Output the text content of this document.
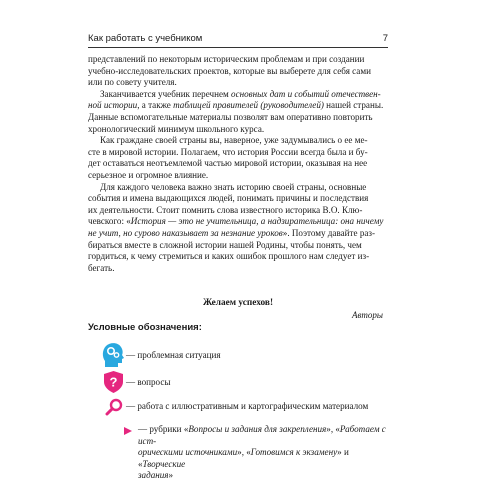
Как работать с учебником	7

представлений по некоторым историческим проблемам и при создании
учебно-исследовательских проектов, которые вы выберете для себя сами
или по совету учителя.

Заканчивается учебник перечнем основных дат и событий отечествен-
ной истории, а также таблицей правителей (руководителей) нашей страны.

Данные вспомогательные материалы позволят вам оперативно повторить
хронологический минимум школьного курса.

Как граждане своей страны вы, наверное, уже задумывались о ее ме-

сте в мировой истории. Полагаем, что история России всегда была и бу-
дет оставаться неотъемлемой частью мировой истории, оказывая на нее
серьезное и огромное влияние.

Для каждого человека важно знать историю своей страны, основные

события и имена выдающихся людей, понимать причины и последствия
их деятельности. Стоит помнить слова известного историка В.О. Клю-
чевского: «История — это не учительница, а надзирательница: она ничему
не учит, но сурово наказывает за незнание уроков». Поэтому давайте раз-
бираться вместе в сложной истории нашей Родины, чтобы понять, чем
гордиться, к чему стремиться и каких ошибок прошлого нам следует из-
бегать.

Желаем успехов!
Авторы
Условные обозначения:
— проблемная ситуация
? — вопросы
— работа с иллюстративным и картографическим материалом
— рубрики «Вопросы и задания для закрепления», «Работаем с ист-
орическими источниками», «Готовимся к экзамену» и «Творческие
задания»
